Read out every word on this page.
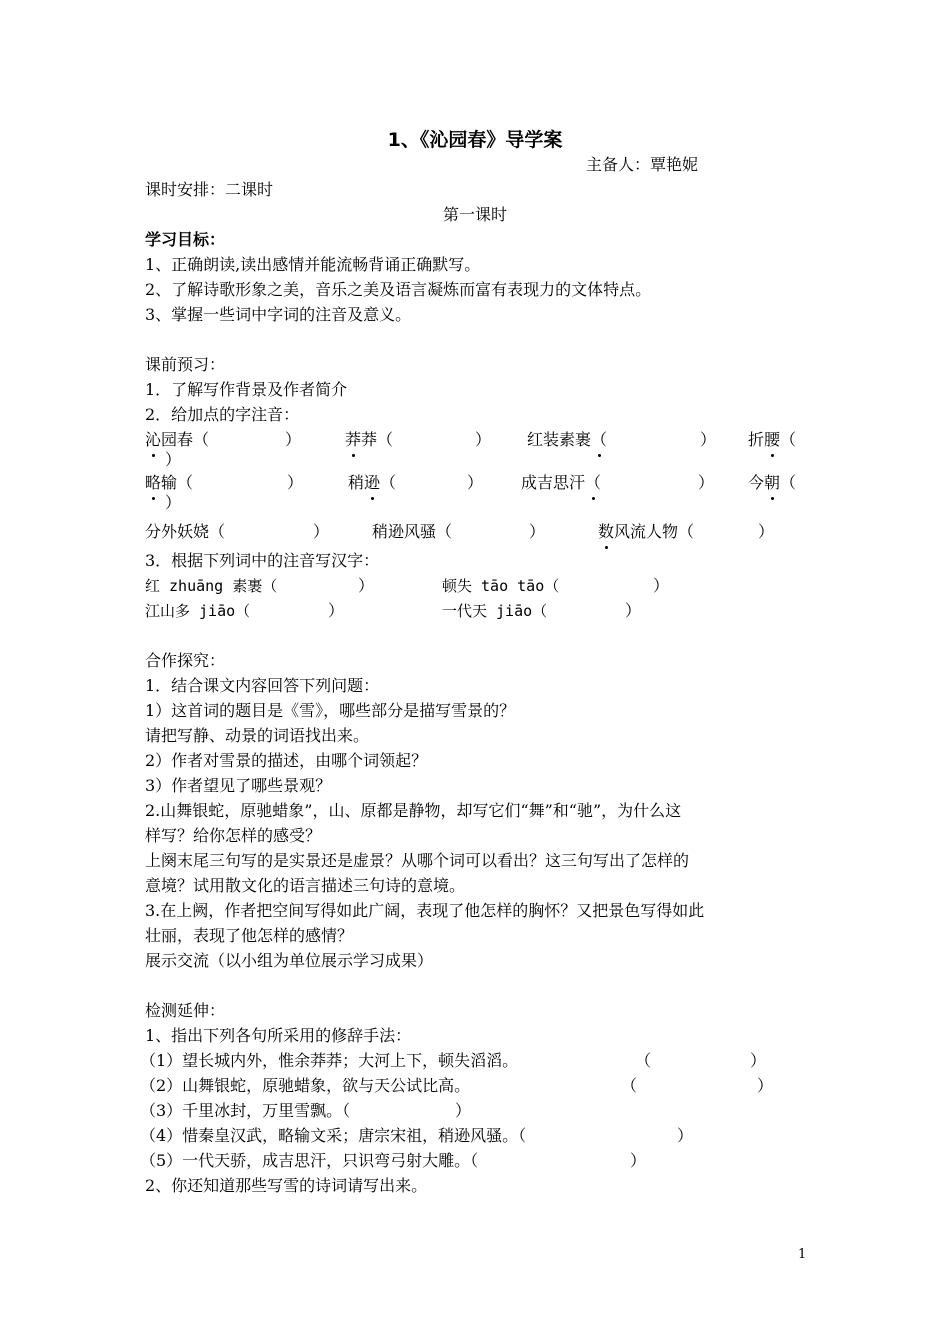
1、《沁园春》导学案
主备人：覃艳妮
课时安排：二课时
第一课时
学习目标：
1、正确朗读,读出感情并能流畅背诵正确默写。
2、了解诗歌形象之美，音乐之美及语言凝炼而富有表现力的文体特点。
3、掌握一些词中字词的注音及意义。
课前预习：
1．了解写作背景及作者简介
2．给加点的字注音：
沁园春（	）	莽莽（	） 红装素裹（	） 折腰（
）
略输（	）	稍逊（	） 成吉思汗（	） 今朝（
）
分外妖娆（	）	稍逊风骚（	）	数风流人物（	）
3．根据下列词中的注音写汉字：
红 zhuāng 素裹（	）	顿失 tāo tāo（	）
江山多 jiāo（	）	一代天 jiāo（	）
合作探究：
1．结合课文内容回答下列问题：
1）这首词的题目是《雪》，哪些部分是描写雪景的？
请把写静、动景的词语找出来。
2）作者对雪景的描述，由哪个词领起？
3）作者望见了哪些景观？
2.山舞银蛇，原驰蜡象”，山、原都是静物，却写它们“舞”和“驰”，为什么这
样写？给你怎样的感受？
上阕末尾三句写的是实景还是虚景？从哪个词可以看出？这三句写出了怎样的
意境？试用散文化的语言描述三句诗的意境。
3.在上阙，作者把空间写得如此广阔，表现了他怎样的胸怀？又把景色写得如此
壮丽，表现了他怎样的感情？
展示交流（以小组为单位展示学习成果）
检测延伸：
1、指出下列各句所采用的修辞手法：
（1）望长城内外，惟余莽莽；大河上下，顿失滔滔。	（	）
（2）山舞银蛇，原驰蜡象，欲与天公试比高。	（	）
（3）千里冰封，万里雪飘。（	）
（4）惜秦皇汉武，略输文采；唐宗宋祖，稍逊风骚。（	）
（5）一代天骄，成吉思汗，只识弯弓射大雕。（	）
2、你还知道那些写雪的诗词请写出来。
1
